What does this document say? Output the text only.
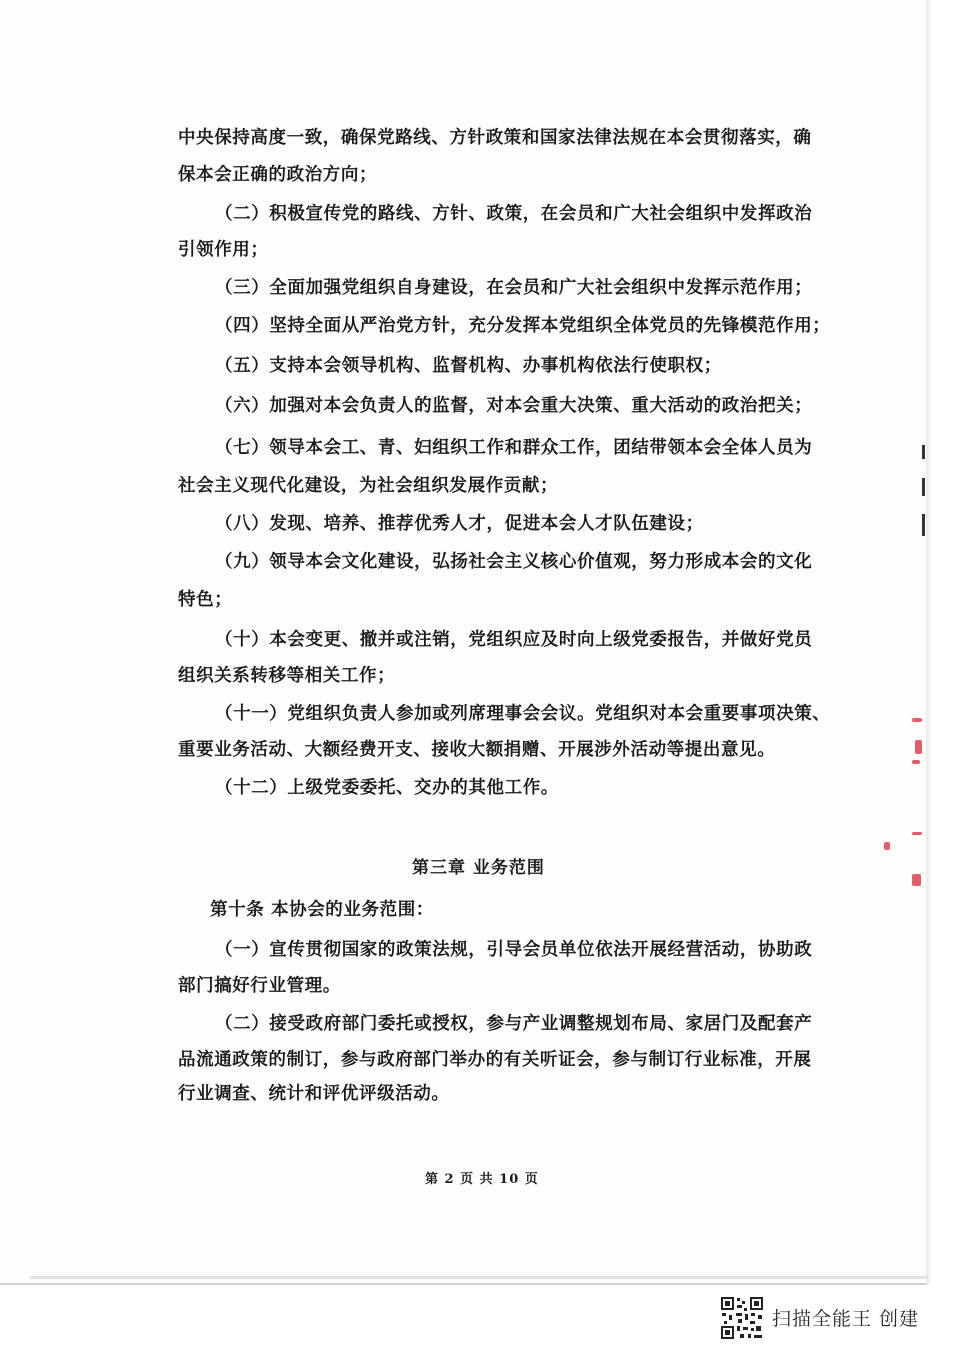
中央保持高度一致，确保党路线、方针政策和国家法律法规在本会贯彻落实，确
保本会正确的政治方向；
（二）积极宣传党的路线、方针、政策，在会员和广大社会组织中发挥政治
引领作用；
（三）全面加强党组织自身建设，在会员和广大社会组织中发挥示范作用；
（四）坚持全面从严治党方针，充分发挥本党组织全体党员的先锋模范作用；
（五）支持本会领导机构、监督机构、办事机构依法行使职权；
（六）加强对本会负责人的监督，对本会重大决策、重大活动的政治把关；
（七）领导本会工、青、妇组织工作和群众工作，团结带领本会全体人员为
社会主义现代化建设，为社会组织发展作贡献；
（八）发现、培养、推荐优秀人才，促进本会人才队伍建设；
（九）领导本会文化建设，弘扬社会主义核心价值观，努力形成本会的文化
特色；
（十）本会变更、撤并或注销，党组织应及时向上级党委报告，并做好党员
组织关系转移等相关工作；
（十一）党组织负责人参加或列席理事会会议。党组织对本会重要事项决策、
重要业务活动、大额经费开支、接收大额捐赠、开展涉外活动等提出意见。
（十二）上级党委委托、交办的其他工作。
第三章 业务范围
第十条 本协会的业务范围：
（一）宣传贯彻国家的政策法规，引导会员单位依法开展经营活动，协助政
部门搞好行业管理。
（二）接受政府部门委托或授权，参与产业调整规划布局、家居门及配套产
品流通政策的制订，参与政府部门举办的有关听证会，参与制订行业标准，开展
行业调查、统计和评优评级活动。
第 2 页 共 10 页
扫描全能王 创建
